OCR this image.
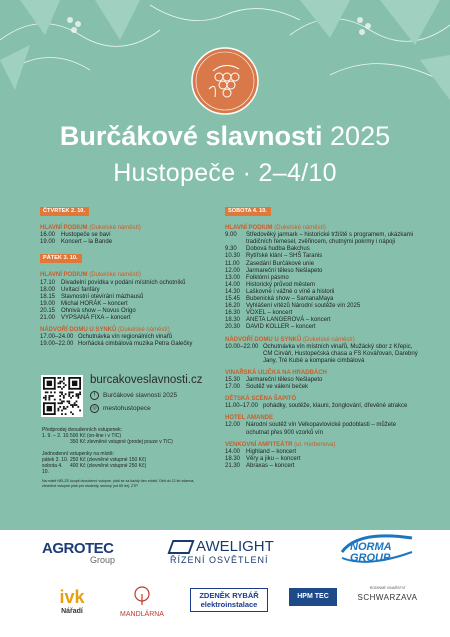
Burčákové slavnosti 2025
Hustopeče · 2–4/10
ČTVRTEK 2. 10.
HLAVNÍ PODIUM (Dukelské náměstí)
16.00 Hustopeče se baví
19.00 Koncert – la Bande
PÁTEK 3. 10.
HLAVNÍ PODIUM (Dukelské náměstí)
17.10 Divadelní povídka v podání místních ochotníků
18.00 Uvítací fanfáry
18.15 Slavnostní otevírání mázhausů
19.00 Michal HORÁK – koncert
20.15 Ohnivá show – Novus Origo
21.00 VYPSANÁ FIXA – koncert
NÁDVOŘÍ DOMU U SYNKŮ (Dukelské náměstí)
17.00–24.00 Ochutnávka vín regionálních vinařů
19.00–22.00 Horňácká cimbálová muzika Petra Galečky
SOBOTA 4. 10.
HLAVNÍ PODIUM (Dukelské náměstí)
9.00	Středověký jarmark – historické tržiště s programem, ukázkami tradičních řemesel, zvěřincem, chutnými pokrmy i nápoji
9.30	Dobová hudba Bakchus
10.30 Rytířské klání – SHŠ Taranis
11.00	Zasedání Burčákové unie
12.00 Jarmareční těleso Nešlapeto
13.00 Folklórní pásmo
14.00 Historický průvod městem
14.30 Laškovné i vážné o víně a historii
15.45 Bubenická show – SamanaMaya
16.20 Vyhlášení vítězů Národní soutěže vín 2025
16.30 VOXEL – koncert
18.30 ANETA LANGEROVÁ – koncert
20.30 DAVID KOLLER – koncert
NÁDVOŘÍ DOMU U SYNKŮ (Dukelské náměstí)
10.00–22.00 Ochutnávka vín místních vinařů, Mužácký sbor z Křepic, CM Cirváň, Hustopečská chasa a FS Kovářovan, Darebný Jany, Tré Kubé a kompanie cimbálová
VINAŘSKÁ ULIČKA NA HRADBÁCH
15.30 Jarmareční těleso Nešlapeto
17.00 Soutěž ve válení beček
DĚTSKÁ SCÉNA ŠAPITÓ
11.00–17.00 pohádky, soutěže, klauni, žonglování, dřevěné atrakce
HOTEL AMANDE
12.00 Národní soutěž vín Velkopavlovické podoblasti – můžete ochutnat přes 900 vzorků vín
VENKOVNÍ AMFITEÁTR (ul. Herbenova)
14.00 Highland – koncert
18.30 Věry a jiku – koncert
21.30 Abraxas – koncert
burcakoveslavnosti.cz
f	Burčákové slavnosti 2025
◎ mestohustopece
Předprodej dvoudenních vstupenek:
1. 9. – 2. 10. 500 Kč (on-line i v TIC)
350 Kč zlevněné vstupné (prodej pouze v TIC)
Jednodenní vstupenky na místě:
pátek 3. 10. 250 Kč (zlevněné vstupné 150 Kč)
sobota 4. 10.
400 Kč (zlevněné vstupné 250 Kč)
Na místě NELZE koupit dvoudenní vstupné, platí se za každý den zvlášť. Děti do 12 let zdarma, zlevněné vstupné platí pro studenty, seniory (od 65 let), ZTP.
AGROTEC
Group
AWELIGHT
ŘÍZENÍ OSVĚTLENÍ
NORMA GROUP
ivk
Nářadí	MANDLÁRNA
ZDENĚK RYBÁŘ
elektroinstalace
HPM TEC
RODINNÉ VINAŘSTVÍ
SCHWARZAVA
